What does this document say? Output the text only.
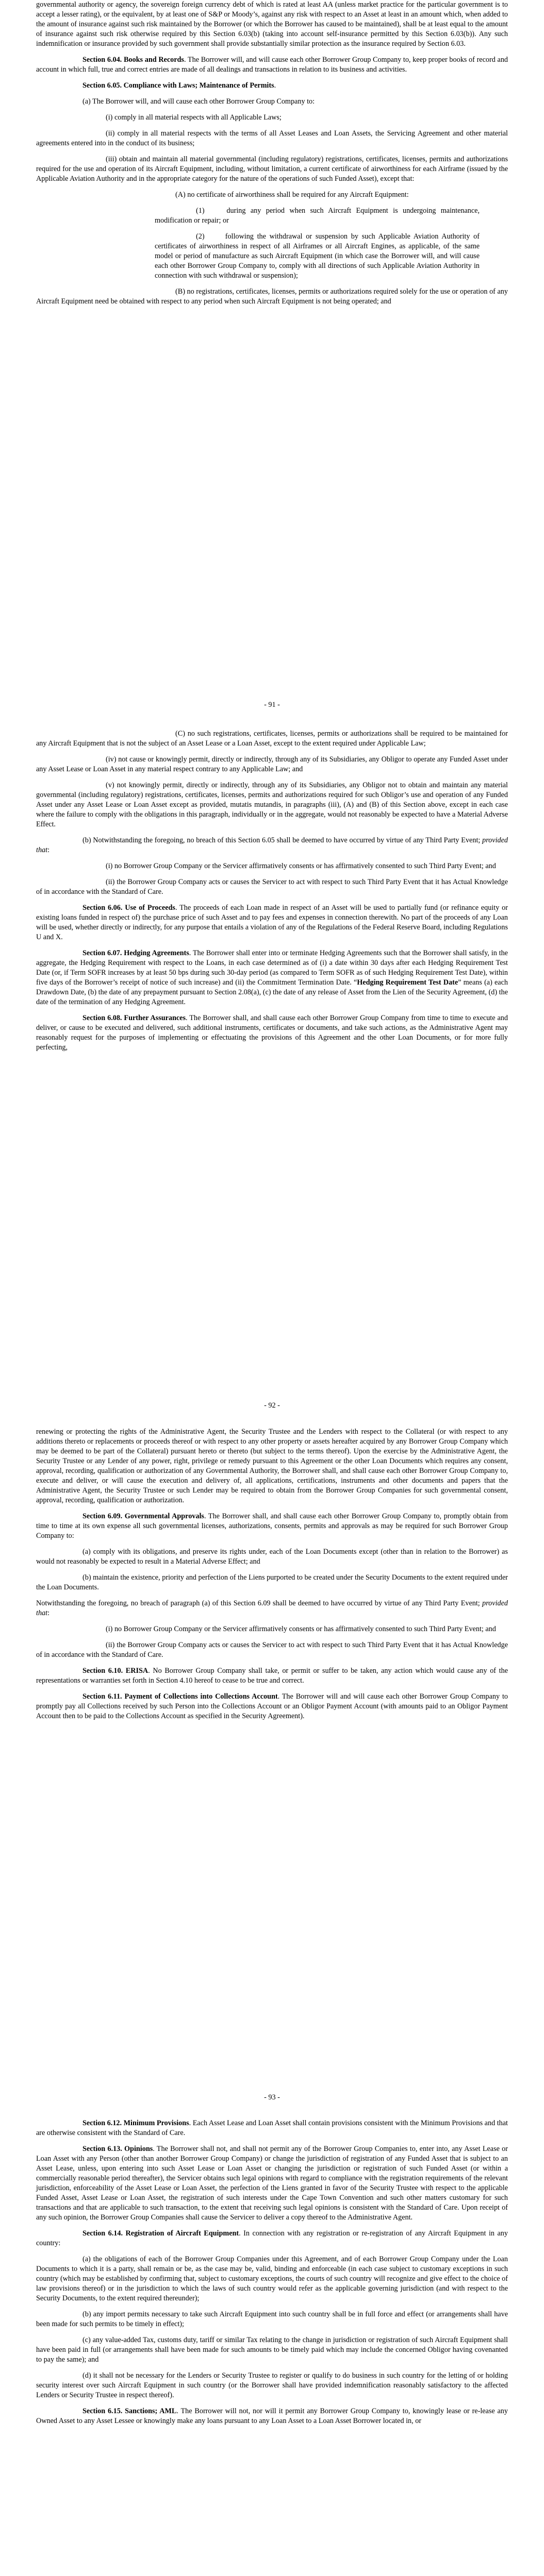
governmental authority or agency, the sovereign foreign currency debt of which is rated at least AA (unless market practice for the particular government is to accept a lesser rating), or the equivalent, by at least one of S&P or Moody’s, against any risk with respect to an Asset at least in an amount which, when added to the amount of insurance against such risk maintained by the Borrower (or which the Borrower has caused to be maintained), shall be at least equal to the amount of insurance against such risk otherwise required by this Section 6.03(b) (taking into account self-insurance permitted by this Section 6.03(b)). Any such indemnification or insurance provided by such government shall provide substantially similar protection as the insurance required by Section 6.03.

Section 6.04. Books and Records. The Borrower will, and will cause each other Borrower Group Company to, keep proper books of record and account in which full, true and correct entries are made of all dealings and transactions in relation to its business and activities.

Section 6.05. Compliance with Laws; Maintenance of Permits.

(a) The Borrower will, and will cause each other Borrower Group Company to:

(i) comply in all material respects with all Applicable Laws;

(ii) comply in all material respects with the terms of all Asset Leases and Loan Assets, the Servicing Agreement and other material agreements entered into in the conduct of its business;

(iii) obtain and maintain all material governmental (including regulatory) registrations, certificates, licenses, permits and authorizations required for the use and operation of its Aircraft Equipment, including, without limitation, a current certificate of airworthiness for each Airframe (issued by the Applicable Aviation Authority and in the appropriate category for the nature of the operations of such Funded Asset), except that:

(A) no certificate of airworthiness shall be required for any Aircraft Equipment:

(1)	during any period when such Aircraft Equipment is undergoing maintenance, modification or repair; or

(2)	following the withdrawal or suspension by such Applicable Aviation Authority of certificates of airworthiness in respect of all Airframes or all Aircraft Engines, as applicable, of the same model or period of manufacture as such Aircraft Equipment (in which case the Borrower will, and will cause each other Borrower Group Company to, comply with all directions of such Applicable Aviation Authority in connection with such withdrawal or suspension);

(B) no registrations, certificates, licenses, permits or authorizations required solely for the use or operation of any Aircraft Equipment need be obtained with respect to any period when such Aircraft Equipment is not being operated; and

- 91 -

(C) no such registrations, certificates, licenses, permits or authorizations shall be required to be maintained for any Aircraft Equipment that is not the subject of an Asset Lease or a Loan Asset, except to the extent required under Applicable Law;

(iv) not cause or knowingly permit, directly or indirectly, through any of its Subsidiaries, any Obligor to operate any Funded Asset under any Asset Lease or Loan Asset in any material respect contrary to any Applicable Law; and

(v) not knowingly permit, directly or indirectly, through any of its Subsidiaries, any Obligor not to obtain and maintain any material governmental (including regulatory) registrations, certificates, licenses, permits and authorizations required for such Obligor’s use and operation of any Funded Asset under any Asset Lease or Loan Asset except as provided, mutatis mutandis, in paragraphs (iii), (A) and (B) of this Section above, except in each case where the failure to comply with the obligations in this paragraph, individually or in the aggregate, would not reasonably be expected to have a Material Adverse Effect.

(b) Notwithstanding the foregoing, no breach of this Section 6.05 shall be deemed to have occurred by virtue of any Third Party Event; provided that:

(i) no Borrower Group Company or the Servicer affirmatively consents or has affirmatively consented to such Third Party Event; and

(ii) the Borrower Group Company acts or causes the Servicer to act with respect to such Third Party Event that it has Actual Knowledge of in accordance with the Standard of Care.

Section 6.06. Use of Proceeds. The proceeds of each Loan made in respect of an Asset will be used to partially fund (or refinance equity or existing loans funded in respect of) the purchase price of such Asset and to pay fees and expenses in connection therewith. No part of the proceeds of any Loan will be used, whether directly or indirectly, for any purpose that entails a violation of any of the Regulations of the Federal Reserve Board, including Regulations U and X.

Section 6.07. Hedging Agreements. The Borrower shall enter into or terminate Hedging Agreements such that the Borrower shall satisfy, in the aggregate, the Hedging Requirement with respect to the Loans, in each case determined as of (i) a date within 30 days after each Hedging Requirement Test Date (or, if Term SOFR increases by at least 50 bps during such 30-day period (as compared to Term SOFR as of such Hedging Requirement Test Date), within five days of the Borrower’s receipt of notice of such increase) and (ii) the Commitment Termination Date. “Hedging Requirement Test Date” means (a) each Drawdown Date, (b) the date of any prepayment pursuant to Section 2.08(a), (c) the date of any release of Asset from the Lien of the Security Agreement, (d) the date of the termination of any Hedging Agreement.

Section 6.08. Further Assurances. The Borrower shall, and shall cause each other Borrower Group Company from time to time to execute and deliver, or cause to be executed and delivered, such additional instruments, certificates or documents, and take such actions, as the Administrative Agent may reasonably request for the purposes of implementing or effectuating the provisions of this Agreement and the other Loan Documents, or for more fully perfecting,

- 92 -

renewing or protecting the rights of the Administrative Agent, the Security Trustee and the Lenders with respect to the Collateral (or with respect to any additions thereto or replacements or proceeds thereof or with respect to any other property or assets hereafter acquired by any Borrower Group Company which may be deemed to be part of the Collateral) pursuant hereto or thereto (but subject to the terms thereof). Upon the exercise by the Administrative Agent, the Security Trustee or any Lender of any power, right, privilege or remedy pursuant to this Agreement or the other Loan Documents which requires any consent, approval, recording, qualification or authorization of any Governmental Authority, the Borrower shall, and shall cause each other Borrower Group Company to, execute and deliver, or will cause the execution and delivery of, all applications, certifications, instruments and other documents and papers that the Administrative Agent, the Security Trustee or such Lender may be required to obtain from the Borrower Group Companies for such governmental consent, approval, recording, qualification or authorization.

Section 6.09. Governmental Approvals. The Borrower shall, and shall cause each other Borrower Group Company to, promptly obtain from time to time at its own expense all such governmental licenses, authorizations, consents, permits and approvals as may be required for such Borrower Group Company to:

(a) comply with its obligations, and preserve its rights under, each of the Loan Documents except (other than in relation to the Borrower) as would not reasonably be expected to result in a Material Adverse Effect; and

(b) maintain the existence, priority and perfection of the Liens purported to be created under the Security Documents to the extent required under the Loan Documents.

Notwithstanding the foregoing, no breach of paragraph (a) of this Section 6.09 shall be deemed to have occurred by virtue of any Third Party Event; provided that:

(i) no Borrower Group Company or the Servicer affirmatively consents or has affirmatively consented to such Third Party Event; and

(ii) the Borrower Group Company acts or causes the Servicer to act with respect to such Third Party Event that it has Actual Knowledge of in accordance with the Standard of Care.

Section 6.10. ERISA. No Borrower Group Company shall take, or permit or suffer to be taken, any action which would cause any of the representations or warranties set forth in Section 4.10 hereof to cease to be true and correct.

Section 6.11. Payment of Collections into Collections Account. The Borrower will and will cause each other Borrower Group Company to promptly pay all Collections received by such Person into the Collections Account or an Obligor Payment Account (with amounts paid to an Obligor Payment Account then to be paid to the Collections Account as specified in the Security Agreement).

- 93 -

Section 6.12. Minimum Provisions. Each Asset Lease and Loan Asset shall contain provisions consistent with the Minimum Provisions and that are otherwise consistent with the Standard of Care.

Section 6.13. Opinions. The Borrower shall not, and shall not permit any of the Borrower Group Companies to, enter into, any Asset Lease or Loan Asset with any Person (other than another Borrower Group Company) or change the jurisdiction of registration of any Funded Asset that is subject to an Asset Lease, unless, upon entering into such Asset Lease or Loan Asset or changing the jurisdiction or registration of such Funded Asset (or within a commercially reasonable period thereafter), the Servicer obtains such legal opinions with regard to compliance with the registration requirements of the relevant jurisdiction, enforceability of the Asset Lease or Loan Asset, the perfection of the Liens granted in favor of the Security Trustee with respect to the applicable Funded Asset, Asset Lease or Loan Asset, the registration of such interests under the Cape Town Convention and such other matters customary for such transactions and that are applicable to such transaction, to the extent that receiving such legal opinions is consistent with the Standard of Care. Upon receipt of any such opinion, the Borrower Group Companies shall cause the Servicer to deliver a copy thereof to the Administrative Agent.

Section 6.14. Registration of Aircraft Equipment. In connection with any registration or re-registration of any Aircraft Equipment in any country:

(a) the obligations of each of the Borrower Group Companies under this Agreement, and of each Borrower Group Company under the Loan Documents to which it is a party, shall remain or be, as the case may be, valid, binding and enforceable (in each case subject to customary exceptions in such country (which may be established by confirming that, subject to customary exceptions, the courts of such country will recognize and give effect to the choice of law provisions thereof) or in the jurisdiction to which the laws of such country would refer as the applicable governing jurisdiction (and with respect to the Security Documents, to the extent required thereunder);

(b) any import permits necessary to take such Aircraft Equipment into such country shall be in full force and effect (or arrangements shall have been made for such permits to be timely in effect);

(c) any value-added Tax, customs duty, tariff or similar Tax relating to the change in jurisdiction or registration of such Aircraft Equipment shall have been paid in full (or arrangements shall have been made for such amounts to be timely paid which may include the concerned Obligor having covenanted to pay the same); and

(d) it shall not be necessary for the Lenders or Security Trustee to register or qualify to do business in such country for the letting of or holding security interest over such Aircraft Equipment in such country (or the Borrower shall have provided indemnification reasonably satisfactory to the affected Lenders or Security Trustee in respect thereof).

Section 6.15. Sanctions; AML. The Borrower will not, nor will it permit any Borrower Group Company to, knowingly lease or re-lease any Owned Asset to any Asset Lessee or knowingly make any loans pursuant to any Loan Asset to a Loan Asset Borrower located in, or
